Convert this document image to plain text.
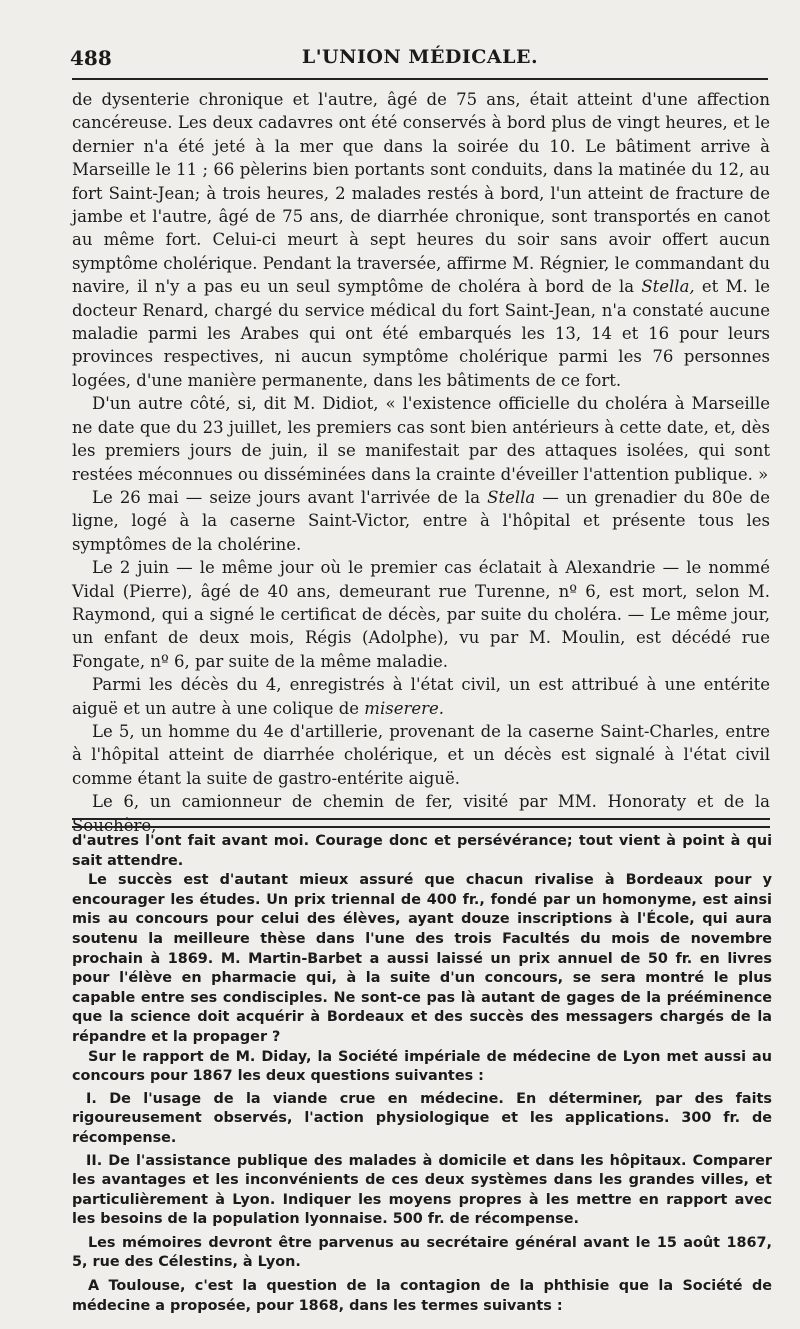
488	L'UNION MÉDICALE.

de dysenterie chronique et l'autre, âgé de 75 ans, était atteint d'une affection cancéreuse. Les deux cadavres ont été conservés à bord plus de vingt heures, et le dernier n'a été jeté à la mer que dans la soirée du 10. Le bâtiment arrive à Marseille le 11 ; 66 pèlerins bien portants sont conduits, dans la matinée du 12, au fort Saint-Jean; à trois heures, 2 malades restés à bord, l'un atteint de fracture de jambe et l'autre, âgé de 75 ans, de diarrhée chronique, sont transportés en canot au même fort. Celui-ci meurt à sept heures du soir sans avoir offert aucun symptôme cholérique. Pendant la traversée, affirme M. Régnier, le commandant du navire, il n'y a pas eu un seul symptôme de choléra à bord de la Stella, et M. le docteur Renard, chargé du service médical du fort Saint-Jean, n'a constaté aucune maladie parmi les Arabes qui ont été embarqués les 13, 14 et 16 pour leurs provinces respectives, ni aucun symptôme cholérique parmi les 76 personnes logées, d'une manière permanente, dans les bâtiments de ce fort.

D'un autre côté, si, dit M. Didiot, « l'existence officielle du choléra à Marseille ne date que du 23 juillet, les premiers cas sont bien antérieurs à cette date, et, dès les premiers jours de juin, il se manifestait par des attaques isolées, qui sont restées méconnues ou disséminées dans la crainte d'éveiller l'attention publique. »

Le 26 mai — seize jours avant l'arrivée de la Stella — un grenadier du 80e de ligne, logé à la caserne Saint-Victor, entre à l'hôpital et présente tous les symptômes de la cholérine.

Le 2 juin — le même jour où le premier cas éclatait à Alexandrie — le nommé Vidal (Pierre), âgé de 40 ans, demeurant rue Turenne, nº 6, est mort, selon M. Raymond, qui a signé le certificat de décès, par suite du choléra. — Le même jour, un enfant de deux mois, Régis (Adolphe), vu par M. Moulin, est décédé rue Fongate, nº 6, par suite de la même maladie.

Parmi les décès du 4, enregistrés à l'état civil, un est attribué à une entérite aiguë et un autre à une colique de miserere.

Le 5, un homme du 4e d'artillerie, provenant de la caserne Saint-Charles, entre à l'hôpital atteint de diarrhée cholérique, et un décès est signalé à l'état civil comme étant la suite de gastro-entérite aiguë.

Le 6, un camionneur de chemin de fer, visité par MM. Honoraty et de la Souchère,

d'autres l'ont fait avant moi. Courage donc et persévérance; tout vient à point à qui sait attendre.

Le succès est d'autant mieux assuré que chacun rivalise à Bordeaux pour y encourager les études. Un prix triennal de 400 fr., fondé par un homonyme, est ainsi mis au concours pour celui des élèves, ayant douze inscriptions à l'École, qui aura soutenu la meilleure thèse dans l'une des trois Facultés du mois de novembre prochain à 1869. M. Martin-Barbet a aussi laissé un prix annuel de 50 fr. en livres pour l'élève en pharmacie qui, à la suite d'un concours, se sera montré le plus capable entre ses condisciples. Ne sont-ce pas là autant de gages de la prééminence que la science doit acquérir à Bordeaux et des succès des messagers chargés de la répandre et la propager ?

Sur le rapport de M. Diday, la Société impériale de médecine de Lyon met aussi au concours pour 1867 les deux questions suivantes :

I. De l'usage de la viande crue en médecine. En déterminer, par des faits rigoureusement observés, l'action physiologique et les applications. 300 fr. de récompense.

II. De l'assistance publique des malades à domicile et dans les hôpitaux. Comparer les avantages et les inconvénients de ces deux systèmes dans les grandes villes, et particulièrement à Lyon. Indiquer les moyens propres à les mettre en rapport avec les besoins de la population lyonnaise. 500 fr. de récompense.

Les mémoires devront être parvenus au secrétaire général avant le 15 août 1867, 5, rue des Célestins, à Lyon.

A Toulouse, c'est la question de la contagion de la phthisie que la Société de médecine a proposée, pour 1868, dans les termes suivants :
